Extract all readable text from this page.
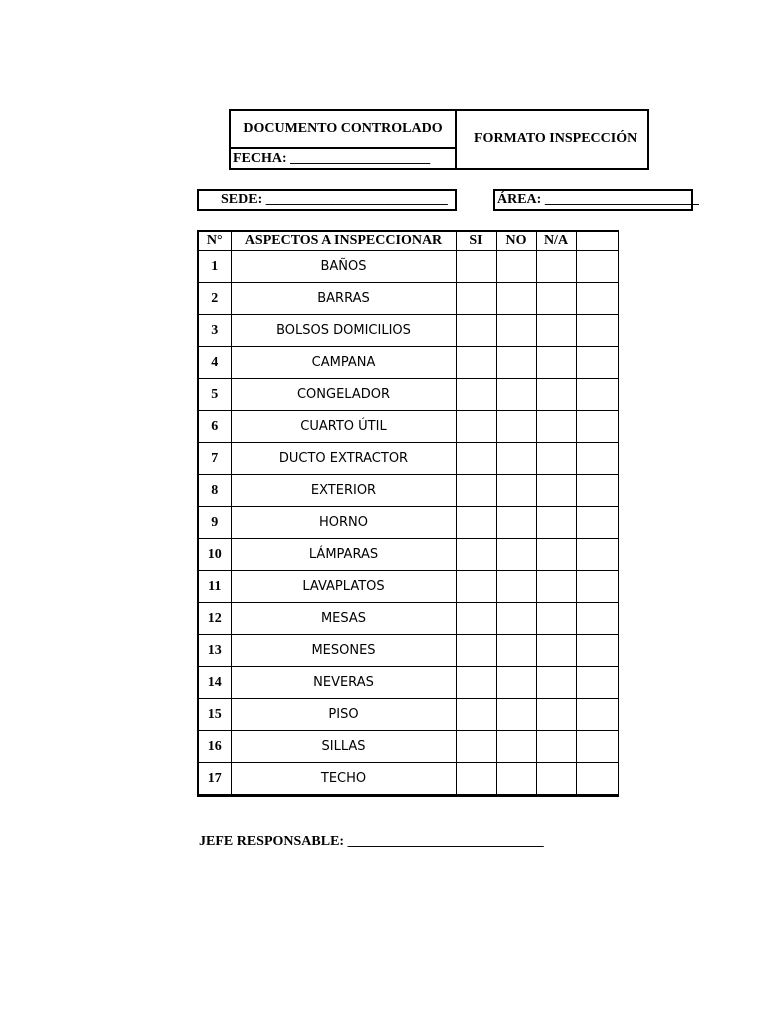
DOCUMENTO CONTROLADO
FECHA: ____________________
FORMATO INSPECCIÓN
SEDE: __________________________	ÁREA: ______________________
N°	ASPECTOS A INSPECCIONAR	SI	NO	N/A	
1	BAÑOS				
2	BARRAS				
3	BOLSOS DOMICILIOS				
4	CAMPANA				
5	CONGELADOR				
6	CUARTO ÚTIL				
7	DUCTO EXTRACTOR				
8	EXTERIOR				
9	HORNO				
10	LÁMPARAS				
11	LAVAPLATOS				
12	MESAS				
13	MESONES				
14	NEVERAS				
15	PISO				
16	SILLAS				
17	TECHO				
JEFE RESPONSABLE: ____________________________
